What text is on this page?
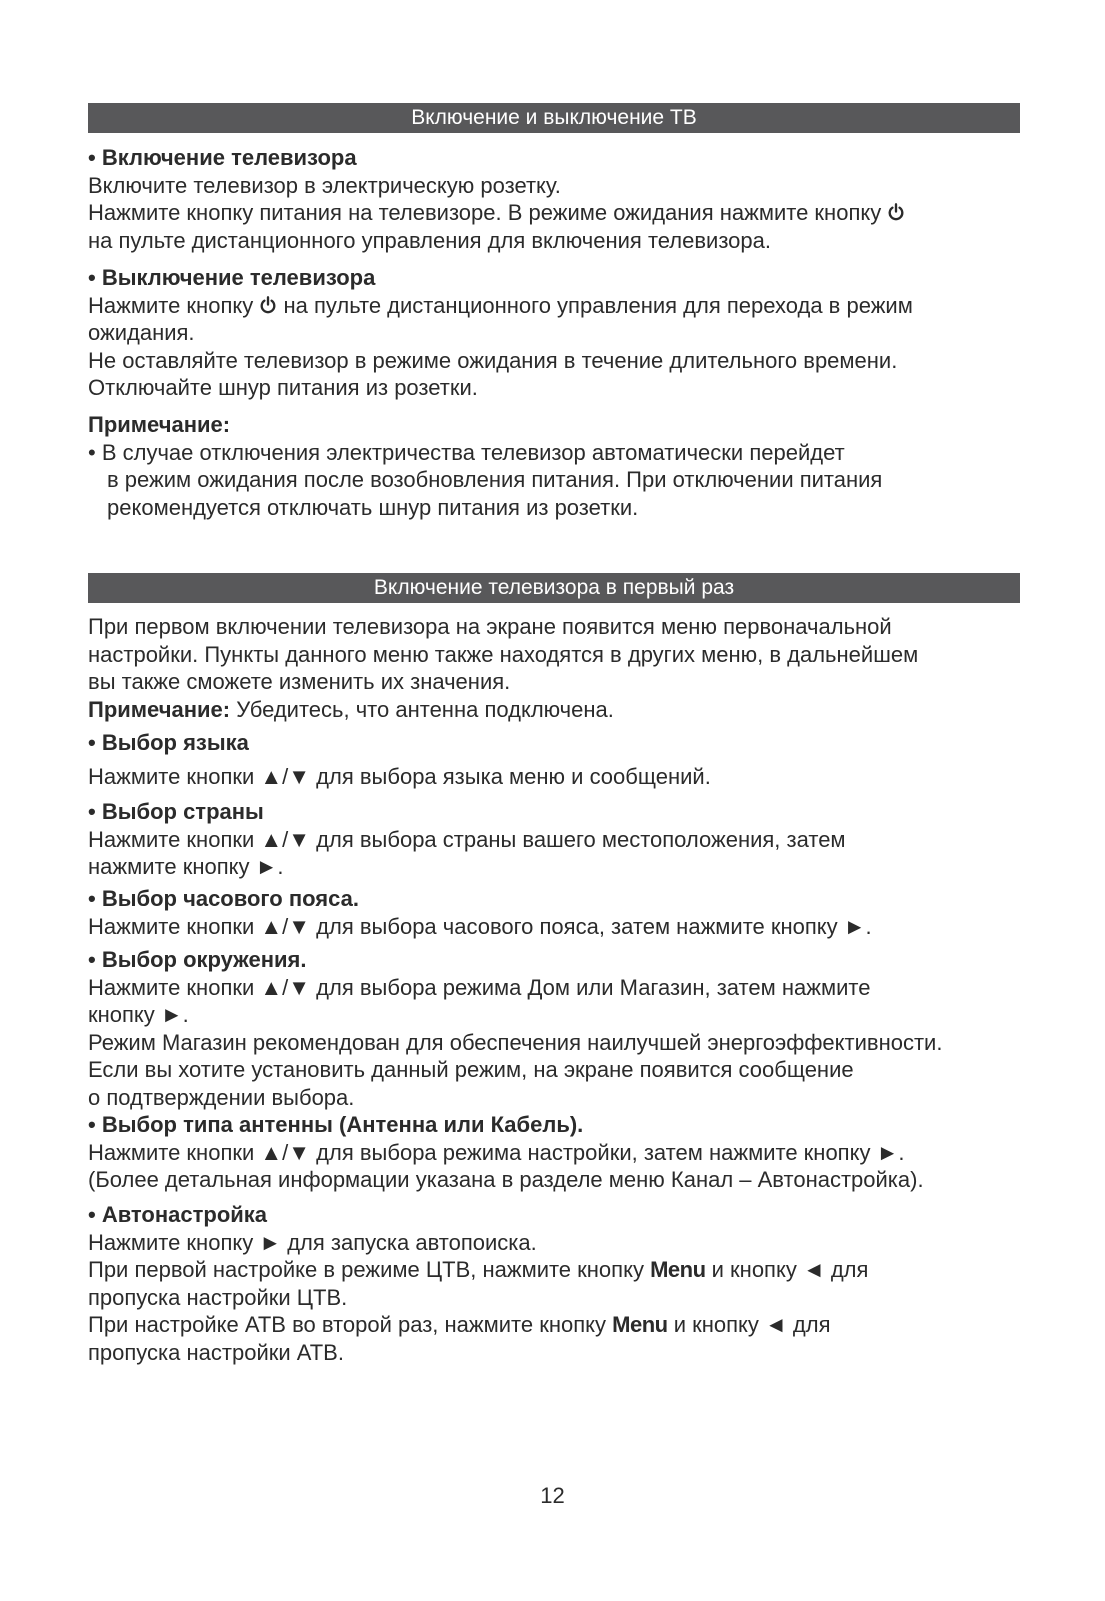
Включение и выключение ТВ

• Включение телевизора

Включите телевизор в электрическую розетку.

Нажмите кнопку питания на телевизоре. В режиме ожидания нажмите кнопку

на пульте дистанционного управления для включения телевизора.

• Выключение телевизора

Нажмите кнопку на пульте дистанционного управления для перехода в режим

ожидания.

Не оставляйте телевизор в режиме ожидания в течение длительного времени.

Отключайте шнур питания из розетки.

Примечание:

• В случае отключения электричества телевизор автоматически перейдет

в режим ожидания после возобновления питания. При отключении питания

рекомендуется отключать шнур питания из розетки.

Включение телевизора в первый раз

При первом включении телевизора на экране появится меню первоначальной

настройки. Пункты данного меню также находятся в других меню, в дальнейшем

вы также сможете изменить их значения.

Примечание: Убедитесь, что антенна подключена.

• Выбор языка

Нажмите кнопки ▲/▼ для выбора языка меню и сообщений.

• Выбор страны

Нажмите кнопки ▲/▼ для выбора страны вашего местоположения, затем

нажмите кнопку ►.

• Выбор часового пояса.

Нажмите кнопки ▲/▼ для выбора часового пояса, затем нажмите кнопку ►.

• Выбор окружения.

Нажмите кнопки ▲/▼ для выбора режима Дом или Магазин, затем нажмите

кнопку ►.

Режим Магазин рекомендован для обеспечения наилучшей энергоэффективности.

Если вы хотите установить данный режим, на экране появится сообщение

о подтверждении выбора.

• Выбор типа антенны (Антенна или Кабель).

Нажмите кнопки ▲/▼ для выбора режима настройки, затем нажмите кнопку ►.

(Более детальная информации указана в разделе меню Канал – Автонастройка).

• Автонастройка

Нажмите кнопку ► для запуска автопоиска.

При первой настройке в режиме ЦТВ, нажмите кнопку Menu и кнопку ◄ для

пропуска настройки ЦТВ.

При настройке АТВ во второй раз, нажмите кнопку Menu и кнопку ◄ для

пропуска настройки АТВ.

12
